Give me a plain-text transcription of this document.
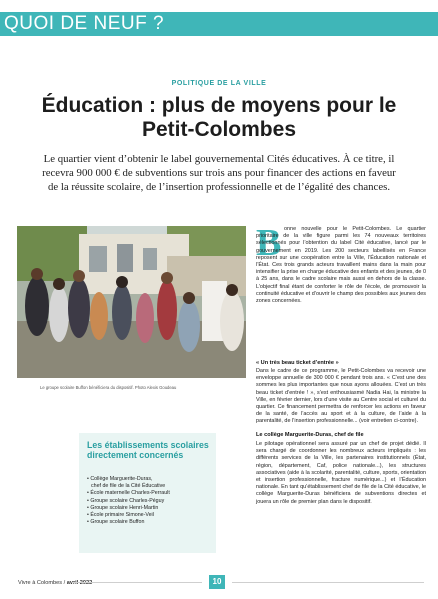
QUOI DE NEUF ?
POLITIQUE DE LA VILLE
Éducation : plus de moyens pour le Petit-Colombes
Le quartier vient d’obtenir le label gouvernemental Cités éducatives. À ce titre, il recevra 900 000 € de subventions sur trois ans pour financer des actions en faveur de la réussite scolaire, de l’insertion professionnelle et de l’égalité des chances.
Le groupe scolaire Buffon bénéficiera du dispositif. Photo Alexis Goudeau
Les établissements scolaires directement concernés
• Collège Marguerite-Duras,
chef de file de la Cité Éducative
• École maternelle Charles-Perrault
• Groupe scolaire Charles-Péguy
• Groupe scolaire Henri-Martin
• École primaire Simone-Veil
• Groupe scolaire Buffon
B onne nouvelle pour le Petit-Colombes. Le quartier prioritaire de la ville figure parmi les 74 nouveaux territoires sélectionnés pour l’obtention du label Cité éducative, lancé par le gouvernement en 2019. Les 200 secteurs labellisés en France reposent sur une coopération entre la Ville, l’Éducation nationale et l’État. Ces trois grands acteurs travaillent mains dans la main pour intensifier la prise en charge éducative des enfants et des jeunes, de 0 à 25 ans, dans le cadre scolaire mais aussi en dehors de la classe. L’objectif final étant de conforter le rôle de l’école, de promouvoir la continuité éducative et d’ouvrir le champ des possibles aux jeunes des zones concernées.

« Un très beau ticket d’entrée »

Dans le cadre de ce programme, le Petit-Colombes va recevoir une enveloppe annuelle de 300 000 € pendant trois ans. « C’est une des sommes les plus importantes que nous ayons allouées. C’est un très beau ticket d’entrée ! », s’est enthousiasmé Nadia Hai, la ministre la Ville, en février dernier, lors d’une visite au Centre social et culturel du quartier. Ce financement permettra de renforcer les actions en faveur de la santé, de l’accès au sport et à la culture, de l’aide à la parentalité, de l’insertion professionnelle... (voir entretien ci-contre).

Le collège Marguerite-Duras, chef de file

Le pilotage opérationnel sera assuré par un chef de projet dédié. Il sera chargé de coordonner les nombreux acteurs impliqués : les différents services de la Ville, les partenaires institutionnels (État, région, département, Caf, police nationale...), les structures associatives (aide à la scolarité, parentalité, culture, sports, orientation et insertion professionnelle, fracture numérique...) et l’Éducation nationale. En tant qu’établissement chef de file de la Cité éducative, le collège Marguerite-Duras bénéficiera de subventions directes et jouera un rôle de premier plan dans le dispositif.

Vivre à Colombes / avril 2022	10
